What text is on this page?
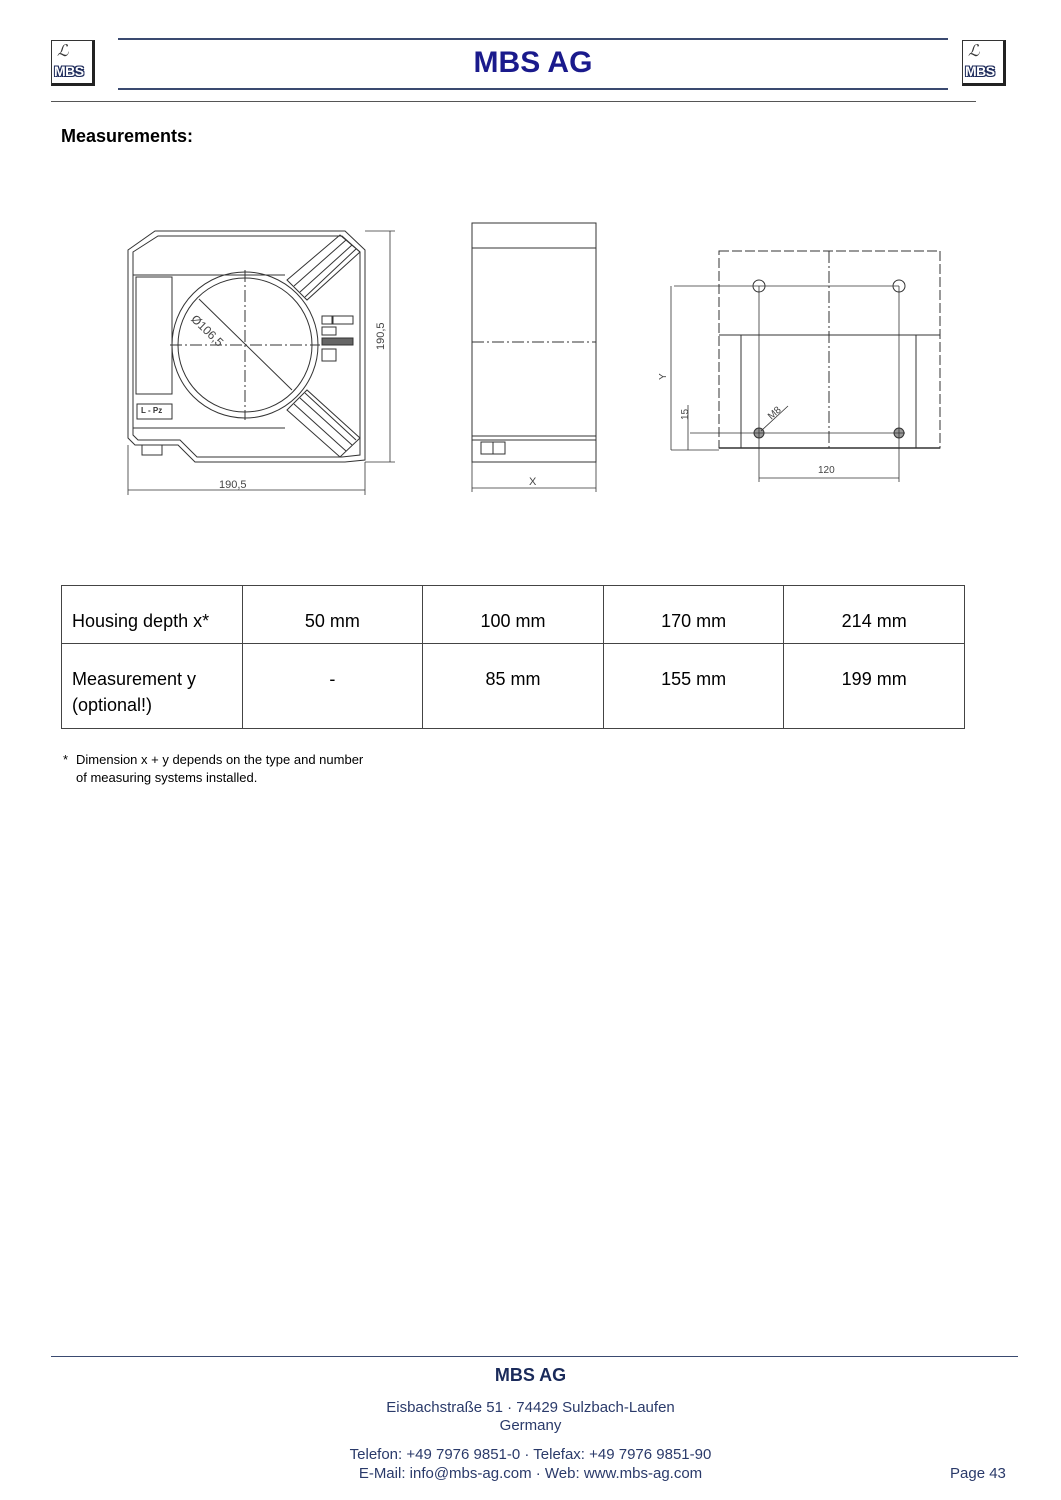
ℒ
MBS
ℒ
MBS
MBS AG
Measurements:
Ø106,5	190,5
190,5
L - Pz
X
Y
15	M8
120
Housing depth x*	50 mm	100 mm	170 mm	214 mm
Measurement y
(optional!)	-	85 mm	155 mm	199 mm
* Dimension x + y depends on the type and number
of measuring systems installed.
MBS AG
Eisbachstraße 51 · 74429 Sulzbach-Laufen
Germany
Telefon: +49 7976 9851-0 · Telefax: +49 7976 9851-90
E-Mail: info@mbs-ag.com · Web: www.mbs-ag.com	Page 43
